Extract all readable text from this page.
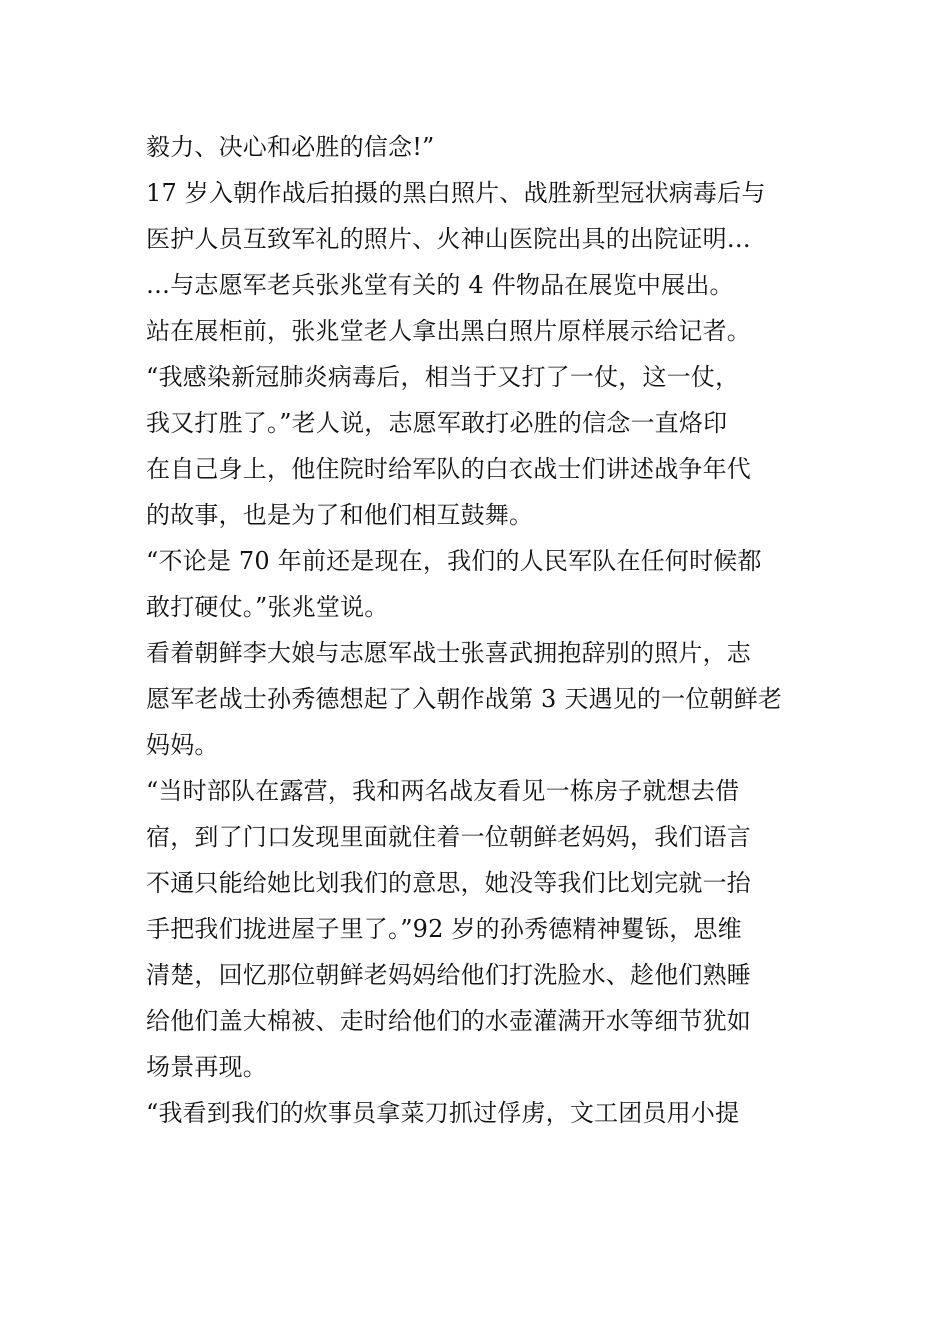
毅力、决心和必胜的信念!”
17 岁入朝作战后拍摄的黑白照片、战胜新型冠状病毒后与
医护人员互致军礼的照片、火神山医院出具的出院证明…
…与志愿军老兵张兆堂有关的 4 件物品在展览中展出。
站在展柜前，张兆堂老人拿出黑白照片原样展示给记者。
“我感染新冠肺炎病毒后，相当于又打了一仗，这一仗，
我又打胜了。”老人说，志愿军敢打必胜的信念一直烙印
在自己身上，他住院时给军队的白衣战士们讲述战争年代
的故事，也是为了和他们相互鼓舞。
“不论是 70 年前还是现在，我们的人民军队在任何时候都
敢打硬仗。”张兆堂说。
看着朝鲜李大娘与志愿军战士张喜武拥抱辞别的照片，志
愿军老战士孙秀德想起了入朝作战第 3 天遇见的一位朝鲜老
妈妈。
“当时部队在露营，我和两名战友看见一栋房子就想去借
宿，到了门口发现里面就住着一位朝鲜老妈妈，我们语言
不通只能给她比划我们的意思，她没等我们比划完就一抬
手把我们拢进屋子里了。”92 岁的孙秀德精神矍铄，思维
清楚，回忆那位朝鲜老妈妈给他们打洗脸水、趁他们熟睡
给他们盖大棉被、走时给他们的水壶灌满开水等细节犹如
场景再现。
“我看到我们的炊事员拿菜刀抓过俘虏，文工团员用小提
